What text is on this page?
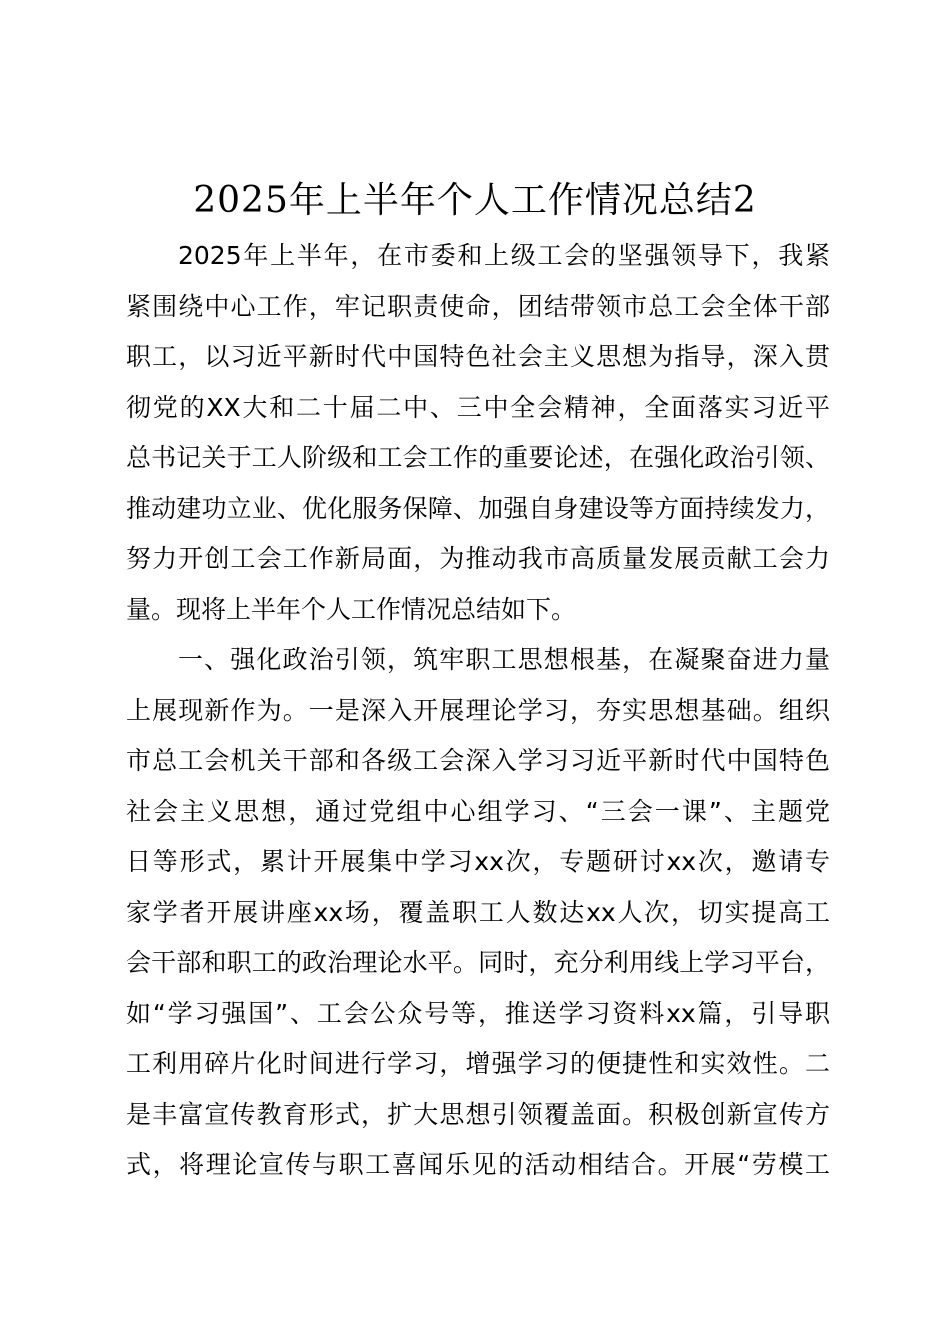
2025年上半年个人工作情况总结2
2025年上半年，在市委和上级工会的坚强领导下，我紧
紧围绕中心工作，牢记职责使命，团结带领市总工会全体干部
职工，以习近平新时代中国特色社会主义思想为指导，深入贯
彻党的XX大和二十届二中、三中全会精神，全面落实习近平
总书记关于工人阶级和工会工作的重要论述，在强化政治引领、
推动建功立业、优化服务保障、加强自身建设等方面持续发力，
努力开创工会工作新局面，为推动我市高质量发展贡献工会力
量。现将上半年个人工作情况总结如下。
一、强化政治引领，筑牢职工思想根基，在凝聚奋进力量
上展现新作为。一是深入开展理论学习，夯实思想基础。组织
市总工会机关干部和各级工会深入学习习近平新时代中国特色
社会主义思想，通过党组中心组学习、“三会一课”、主题党
日等形式，累计开展集中学习xx次，专题研讨xx次，邀请专
家学者开展讲座xx场，覆盖职工人数达xx人次，切实提高工
会干部和职工的政治理论水平。同时，充分利用线上学习平台，
如“学习强国”、工会公众号等，推送学习资料xx篇，引导职
工利用碎片化时间进行学习，增强学习的便捷性和实效性。二
是丰富宣传教育形式，扩大思想引领覆盖面。积极创新宣传方
式，将理论宣传与职工喜闻乐见的活动相结合。开展“劳模工
